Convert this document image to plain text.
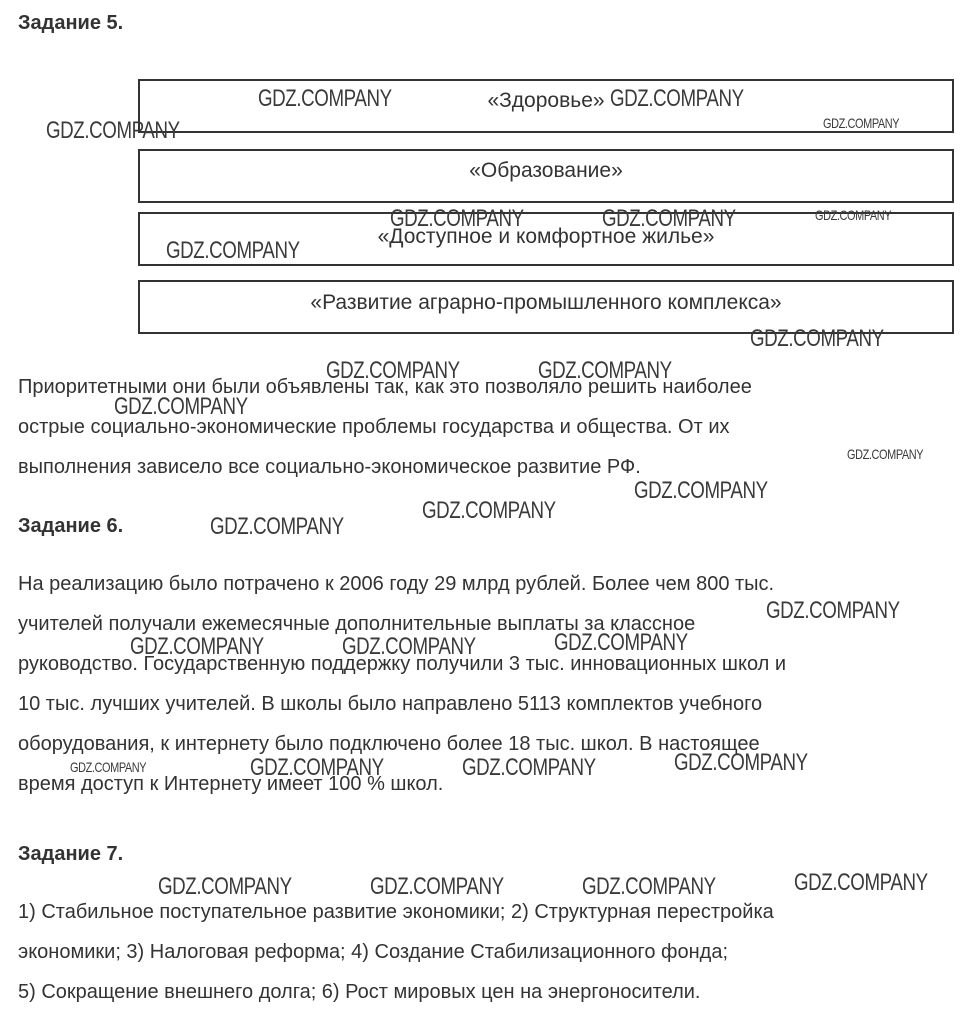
Задание 5.
«Здоровье»
«Образование»
«Доступное и комфортное жилье»
«Развитие аграрно-промышленного комплекса»

Приоритетными они были объявлены так, как это позволяло решить наиболее
острые социально-экономические проблемы государства и общества. От их
выполнения зависело все социально-экономическое развитие РФ.

Задание 6.

На реализацию было потрачено к 2006 году 29 млрд рублей. Более чем 800 тыс.
учителей получали ежемесячные дополнительные выплаты за классное
руководство. Государственную поддержку получили 3 тыс. инновационных школ и
10 тыс. лучших учителей. В школы было направлено 5113 комплектов учебного
оборудования, к интернету было подключено более 18 тыс. школ. В настоящее
время доступ к Интернету имеет 100 % школ.

Задание 7.

1) Стабильное поступательное развитие экономики; 2) Структурная перестройка
экономики; 3) Налоговая реформа; 4) Создание Стабилизационного фонда;
5) Сокращение внешнего долга; 6) Рост мировых цен на энергоносители.

GDZ.COMPANY	GDZ.COMPANY
GDZ.COMPANY	GDZ.COMPANY
GDZ.COMPANY	GDZ.COMPANY	GDZ.COMPANY
GDZ.COMPANY
GDZ.COMPANY
GDZ.COMPANY	GDZ.COMPANY
GDZ.COMPANY
GDZ.COMPANY
GDZ.COMPANY
GDZ.COMPANY
GDZ.COMPANY
GDZ.COMPANY
GDZ.COMPANY	GDZ.COMPANY	GDZ.COMPANY
GDZ.COMPANY
GDZ.COMPANY	GDZ.COMPANY	GDZ.COMPANY
GDZ.COMPANY	GDZ.COMPANY	GDZ.COMPANY	GDZ.COMPANY
